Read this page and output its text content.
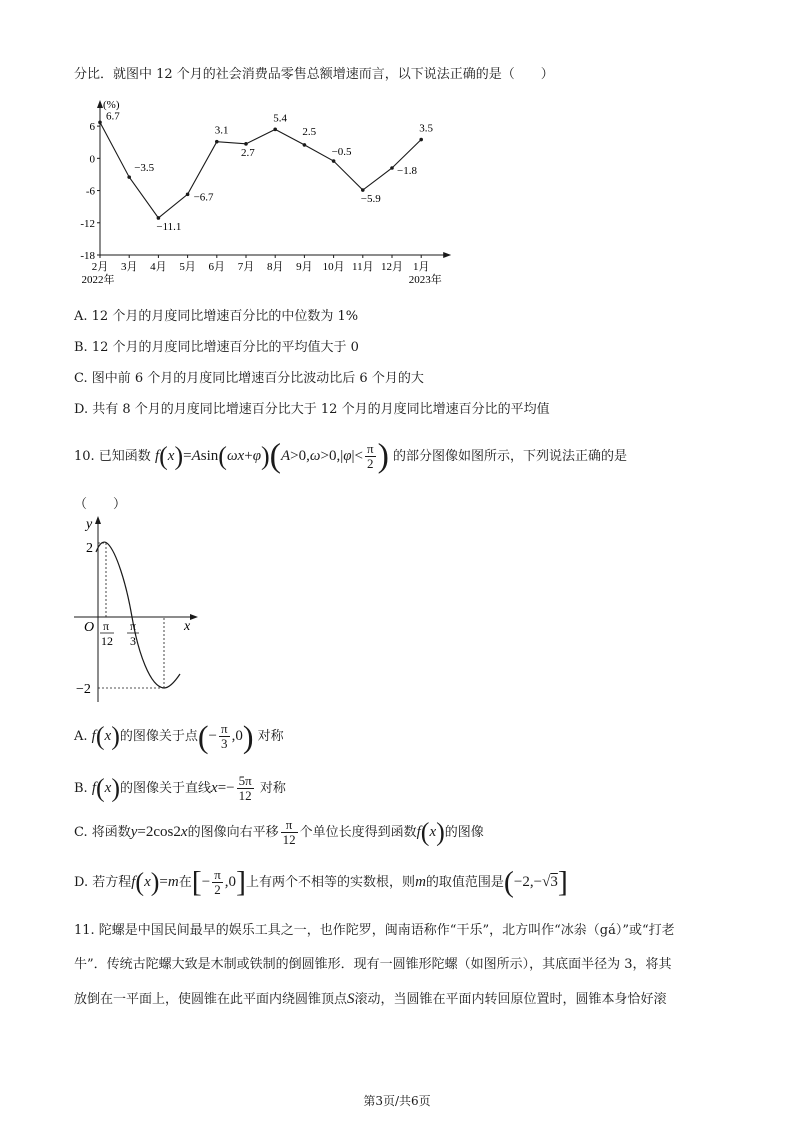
分比．就图中 12 个月的社会消费品零售总额增速而言，以下说法正确的是（　　）
(%)
6
0
-6
-12
-18
2月 3月 4月 5月 6月 7月 8月 9月 10月 11月 12月 1月
2022年	2023年
6.7
−3.5
−11.1
−6.7
3.1
2.7
5.4
2.5
−0.5
−5.9
−1.8
3.5
A. 12 个月的月度同比增速百分比的中位数为 1%
B. 12 个月的月度同比增速百分比的平均值大于 0
C. 图中前 6 个月的月度同比增速百分比波动比后 6 个月的大
D. 共有 8 个月的月度同比增速百分比大于 12 个月的月度同比增速百分比的平均值
10. 已知函数 $f(x)=Asin(\omega x+\varphi)(A>0,\omega>0,|\varphi|< \frac{\pi}{2}$ ) 的部分图像如图所示，下列说法正确的是
（　　）
y
x
O
2
−2
π
12
π
3
A. f(x)的图像关于点(− $\frac{\pi}{3} ,0$) 对称
B. f(x)的图像关于直线$x=- \frac{5\pi}{12}$ 对称
C. 将函数y=2cos2x的图像向右平移 $\frac{\pi}{12}$ 个单位长度得到函数f(x)的图像
D. 若方程f(x)=m在[− $\frac{\pi}{2} ,0$]上有两个不相等的实数根，则m的取值范围是(−2,−√3]
11. 陀螺是中国民间最早的娱乐工具之一，也作陀罗，闽南语称作“干乐”，北方叫作“冰尜（gá）”或“打老
牛”．传统古陀螺大致是木制或铁制的倒圆锥形．现有一圆锥形陀螺（如图所示），其底面半径为 3，将其
放倒在一平面上，使圆锥在此平面内绕圆锥顶点S滚动，当圆锥在平面内转回原位置时，圆锥本身恰好滚
第3页/共6页
